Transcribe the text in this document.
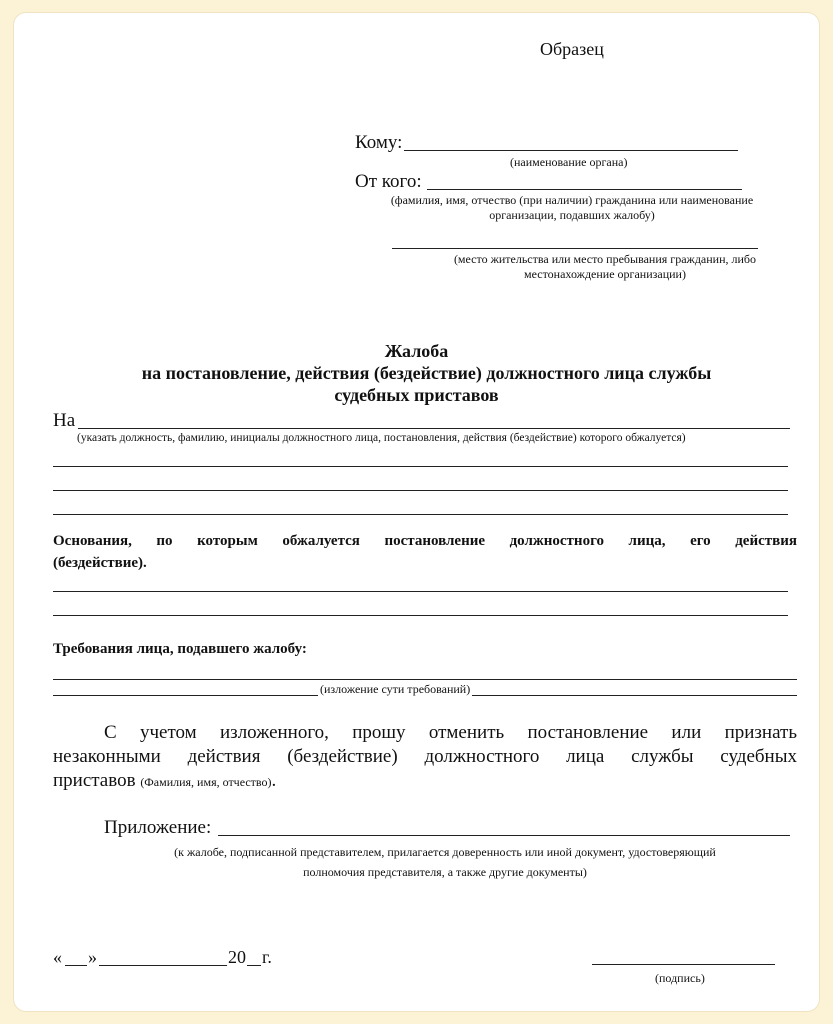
Образец
Кому:
(наименование органа)
От кого:
(фамилия, имя, отчество (при наличии) гражданина или наименование
организации, подавших жалобу)
(место жительства или место пребывания гражданин, либо
местонахождение организации)
Жалоба
на постановление, действия (бездействие) должностного лица службы
судебных приставов
На
(указать должность, фамилию, инициалы должностного лица, постановления, действия (бездействие) которого обжалуется)
Основания, по которым обжалуется постановление должностного лица, его действия
(бездействие).
Требования лица, подавшего жалобу:
(изложение сути требований)
С учетом изложенного, прошу отменить постановление или признать
незаконными действия (бездействие) должностного лица службы судебных
приставов (Фамилия, имя, отчество).
Приложение:
(к жалобе, подписанной представителем, прилагается доверенность или иной документ, удостоверяющий
полномочия представителя, а также другие документы)
« »	20 г.
(подпись)
